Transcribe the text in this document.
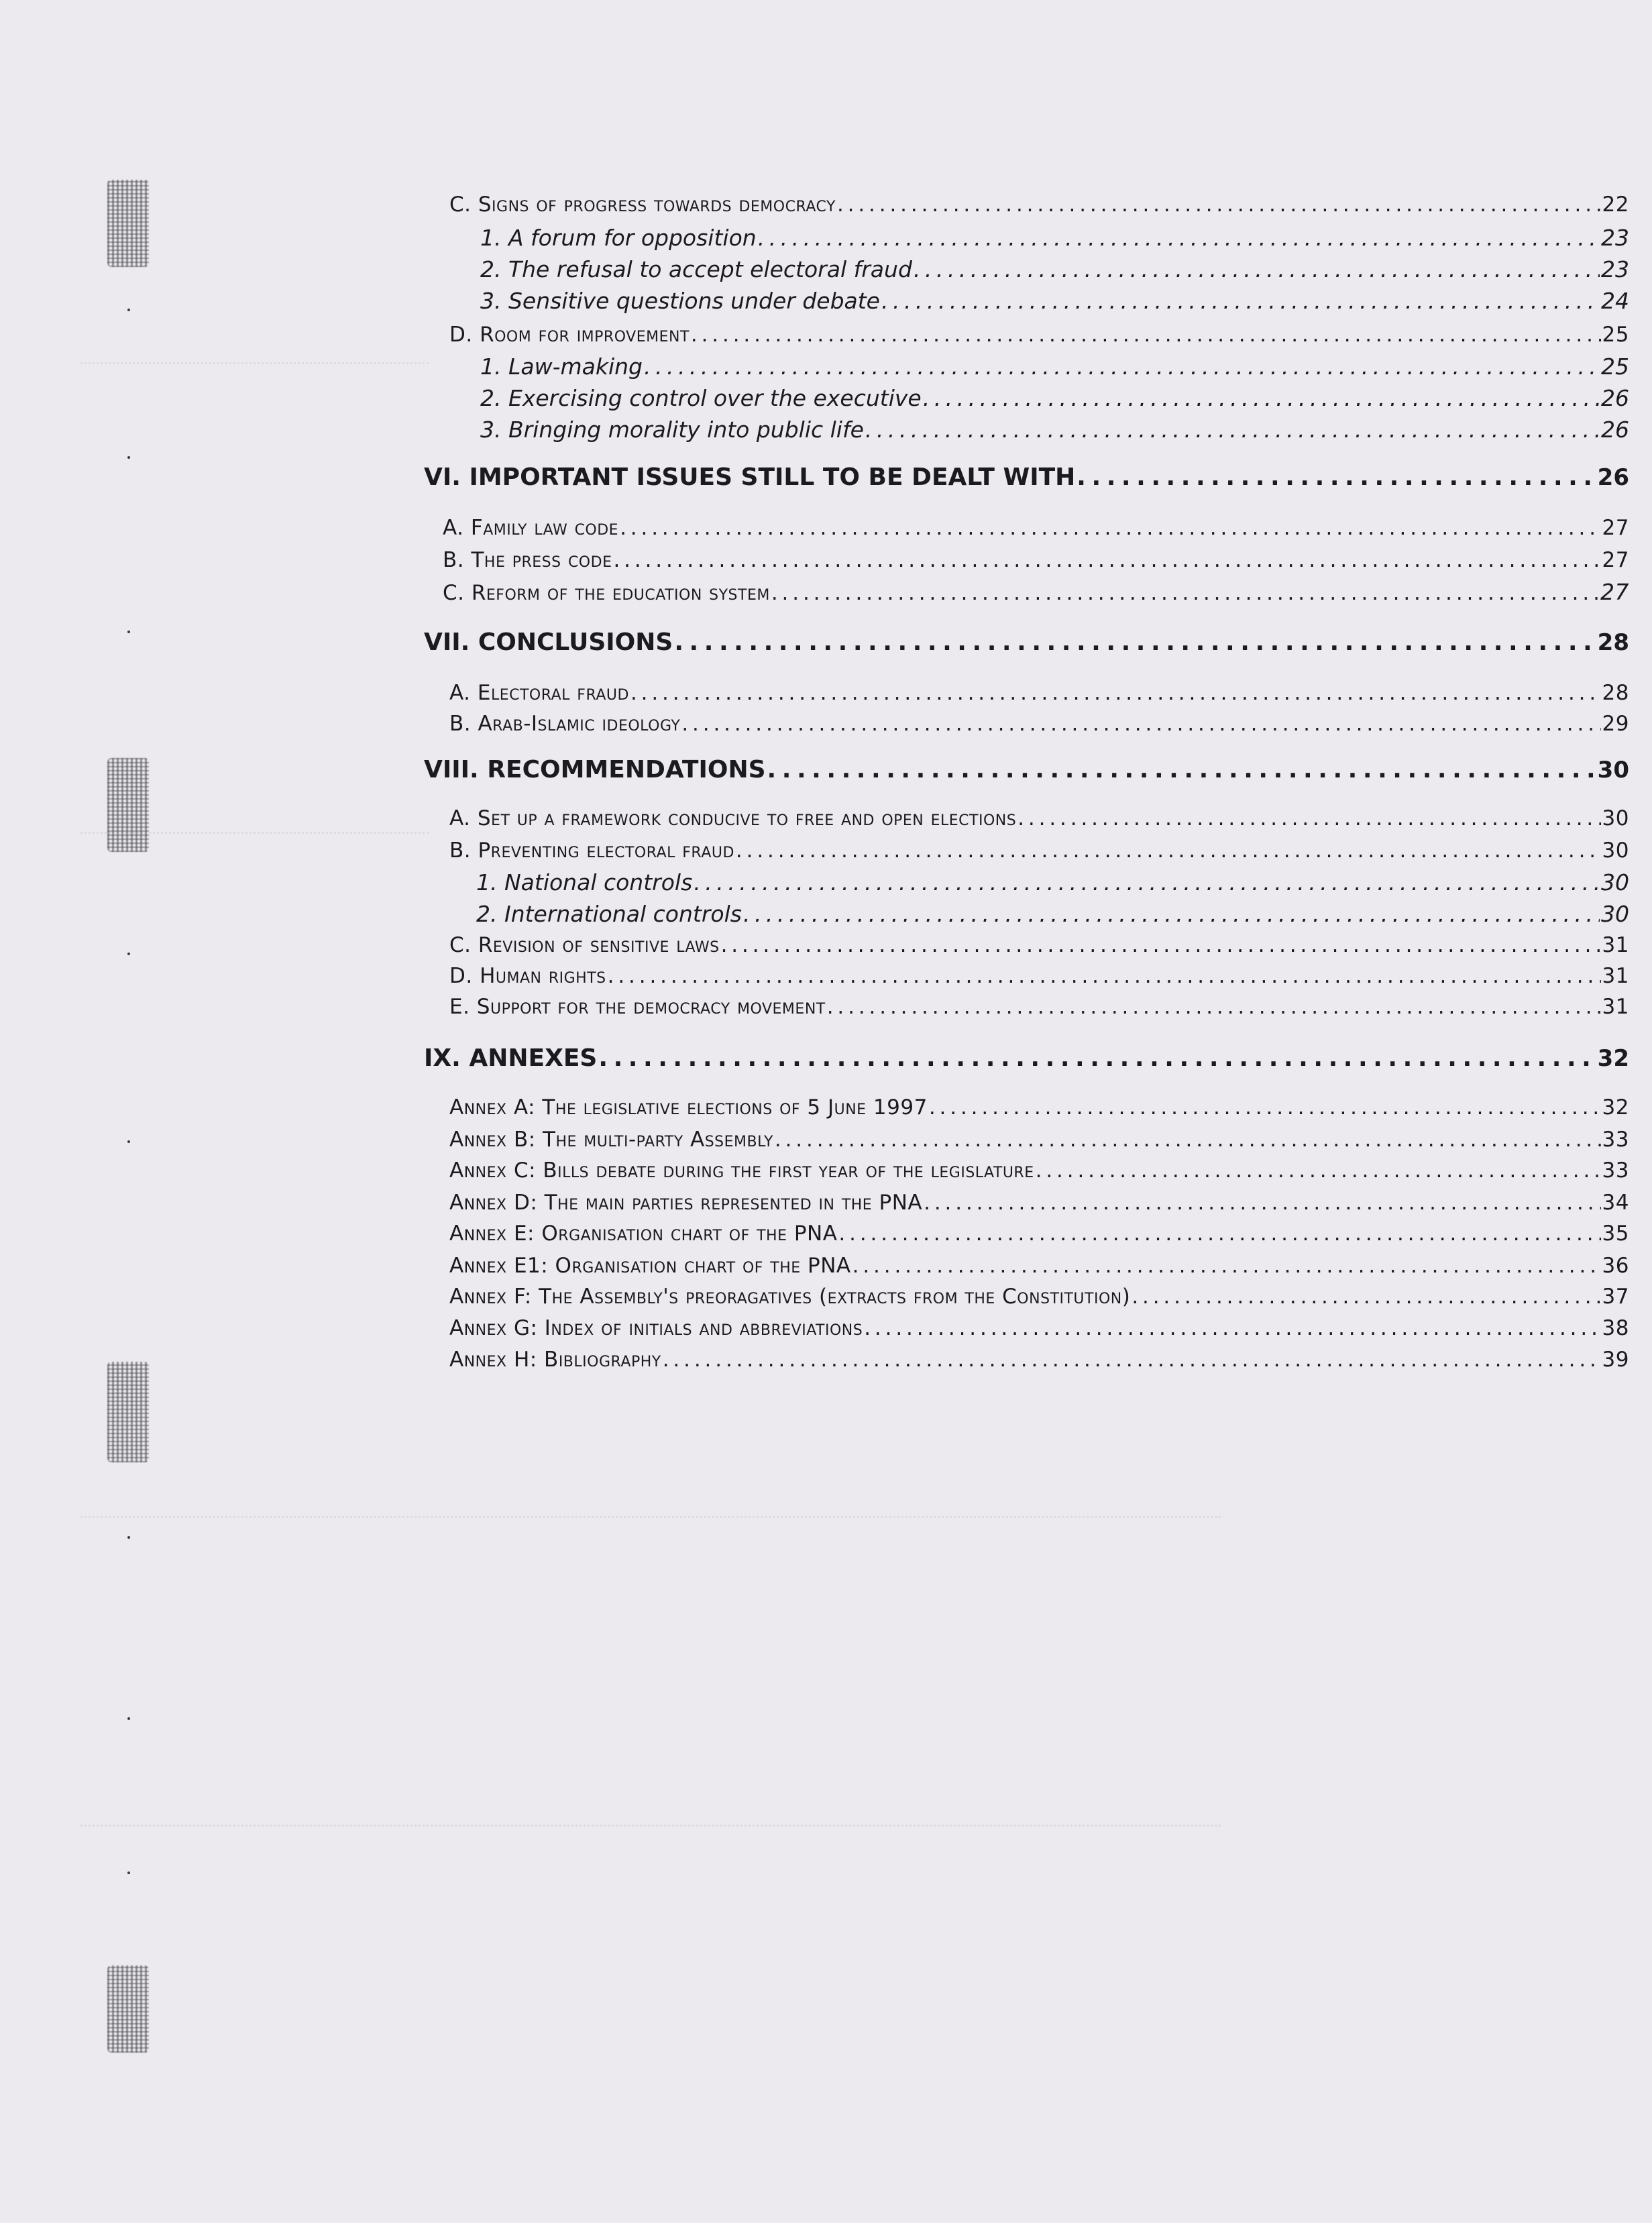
C. Signs of progress towards democracy . . .	22
1. A forum for opposition . . .	23
2. The refusal to accept electoral fraud . . .	23
3. Sensitive questions under debate . . .	24
D. Room for improvement . . .	25
1. Law-making . . .	25
2. Exercising control over the executive . . .	26
3. Bringing morality into public life . . .	26
VI. IMPORTANT ISSUES STILL TO BE DEALT WITH . . .	26
A. Family law code . . .	27
B. The press code . . .	27
C. Reform of the education system . . .	27
VII. CONCLUSIONS . . .	28
A. Electoral fraud . . .	28
B. Arab-Islamic ideology . . .	29
VIII. RECOMMENDATIONS . . .	30
A. Set up a framework conducive to free and open elections . . .	30
B. Preventing electoral fraud . . .	30
1. National controls . . .	30
2. International controls . . .	30
C. Revision of sensitive laws . . .	31
D. Human rights . . .	31
E. Support for the democracy movement . . .	31
IX. ANNEXES . . .	32
Annex A: The legislative elections of 5 June 1997 . . .	32
Annex B: The multi-party Assembly . . .	33
Annex C: Bills debate during the first year of the legislature . . .	33
Annex D: The main parties represented in the PNA . . .	34
Annex E: Organisation chart of the PNA . . .	35
Annex E1: Organisation chart of the PNA . . .	36
Annex F: The Assembly's preoragatives (extracts from the Constitution) . . .	37
Annex G: Index of initials and abbreviations . . .	38
Annex H: Bibliography . . .	39
